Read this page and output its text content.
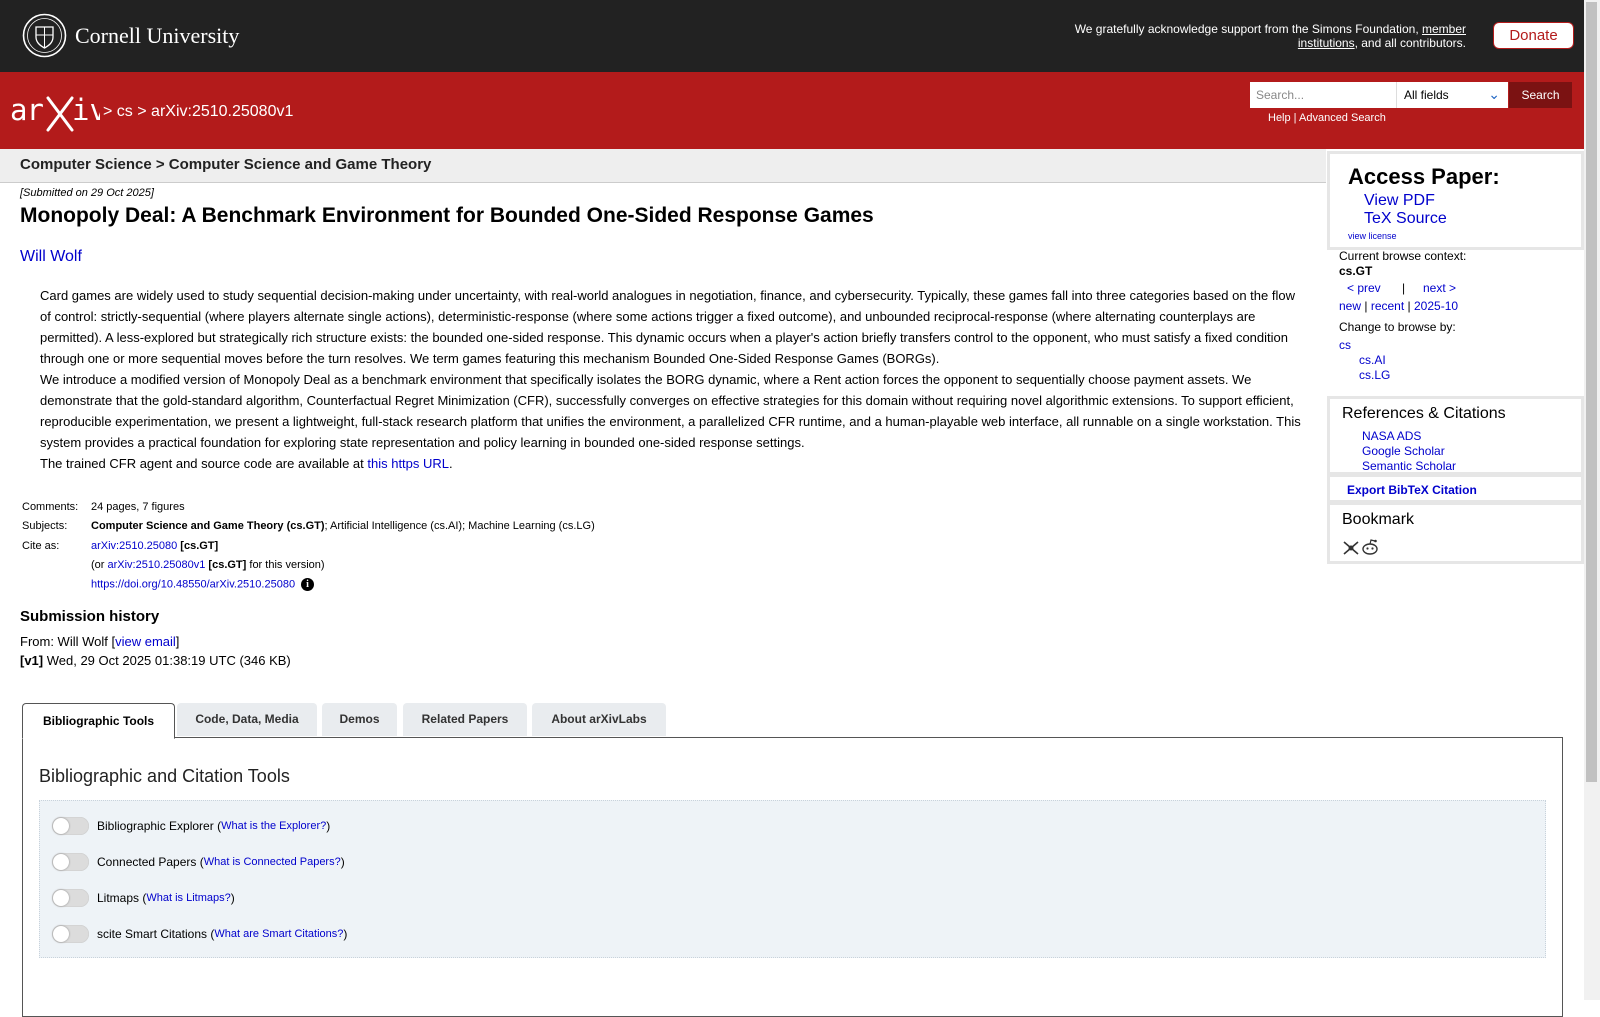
Cornell University	We gratefully acknowledge support from the Simons Foundation, member institutions, and all contributors.	Donate
ar iv
> cs > arXiv:2510.25080v1
Search...
All fields	⌄	Search
Help | Advanced Search
Computer Science > Computer Science and Game Theory
[Submitted on 29 Oct 2025]
Monopoly Deal: A Benchmark Environment for Bounded One-Sided Response Games
Will Wolf

Card games are widely used to study sequential decision-making under uncertainty, with real-world analogues in negotiation, finance, and cybersecurity. Typically, these games fall into three categories based on the flow of control: strictly-sequential (where players alternate single actions), deterministic-response (where some actions trigger a fixed outcome), and unbounded reciprocal-response (where alternating counterplays are permitted). A less-explored but strategically rich structure exists: the bounded one-sided response. This dynamic occurs when a player's action briefly transfers control to the opponent, who must satisfy a fixed condition through one or more sequential moves before the turn resolves. We term games featuring this mechanism Bounded One-Sided Response Games (BORGs).

We introduce a modified version of Monopoly Deal as a benchmark environment that specifically isolates the BORG dynamic, where a Rent action forces the opponent to sequentially choose payment assets. We demonstrate that the gold-standard algorithm, Counterfactual Regret Minimization (CFR), successfully converges on effective strategies for this domain without requiring novel algorithmic extensions. To support efficient, reproducible experimentation, we present a lightweight, full-stack research platform that unifies the environment, a parallelized CFR runtime, and a human-playable web interface, all runnable on a single workstation. This system provides a practical foundation for exploring state representation and policy learning in bounded one-sided response settings.

The trained CFR agent and source code are available at this https URL.

Comments:	24 pages, 7 figures
Subjects:	Computer Science and Game Theory (cs.GT); Artificial Intelligence (cs.AI); Machine Learning (cs.LG)
Cite as:	arXiv:2510.25080 [cs.GT]
	(or arXiv:2510.25080v1 [cs.GT] for this version)
	https://doi.org/10.48550/arXiv.2510.25080 i
Submission history
From: Will Wolf [view email]
[v1] Wed, 29 Oct 2025 01:38:19 UTC (346 KB)
Bibliographic Tools	Code, Data, Media	Demos	Related Papers	About arXivLabs
Bibliographic and Citation Tools
Bibliographic Explorer ( What is the Explorer? )
Connected Papers ( What is Connected Papers? )
Litmaps ( What is Litmaps? )
scite Smart Citations ( What are Smart Citations? )
Access Paper:
View PDF
TeX Source
view license
Current browse context:
cs.GT
< prev | next >
new | recent | 2025-10
Change to browse by:
cs
cs.AI
cs.LG
References & Citations
NASA ADS
Google Scholar
Semantic Scholar
Export BibTeX Citation
Bookmark
